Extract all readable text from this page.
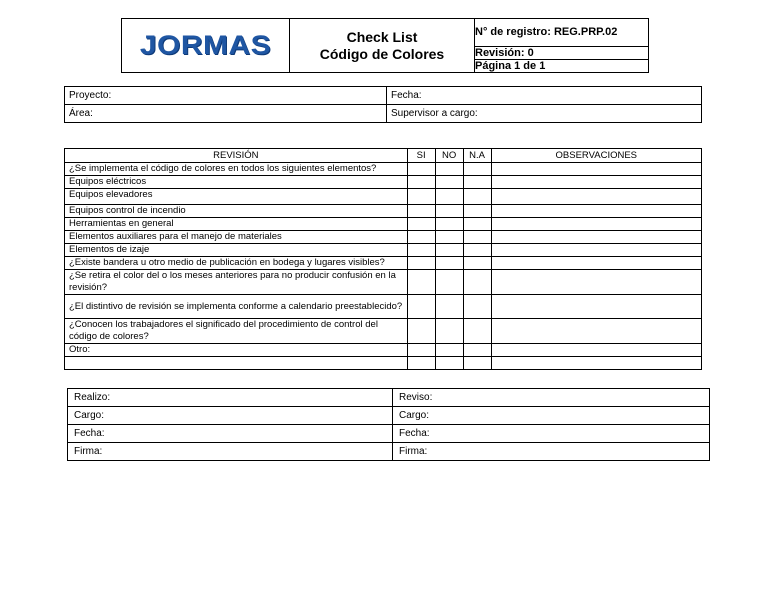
JORMAS	Check List
Código de Colores
	N° de registro: REG.PRP.02
Revisión: 0
Página 1 de 1
Proyecto:	Fecha:
Área:	Supervisor a cargo:
REVISIÓN	SI	NO	N.A	OBSERVACIONES
¿Se implementa el código de colores en todos los siguientes elementos?				
Equipos eléctricos				
Equipos elevadores				
Equipos control de incendio				
Herramientas en general				
Elementos auxiliares para el manejo de materiales				
Elementos de izaje				
¿Existe bandera u otro medio de publicación en bodega y lugares visibles?				
¿Se retira el color del o los meses anteriores para no producir confusión en la revisión?				
¿El distintivo de revisión se implementa conforme a calendario preestablecido?				
¿Conocen los trabajadores el significado del procedimiento de control del código de colores?				
Otro:				

Realizo:	Reviso:
Cargo:	Cargo:
Fecha:	Fecha:
Firma:	Firma:
